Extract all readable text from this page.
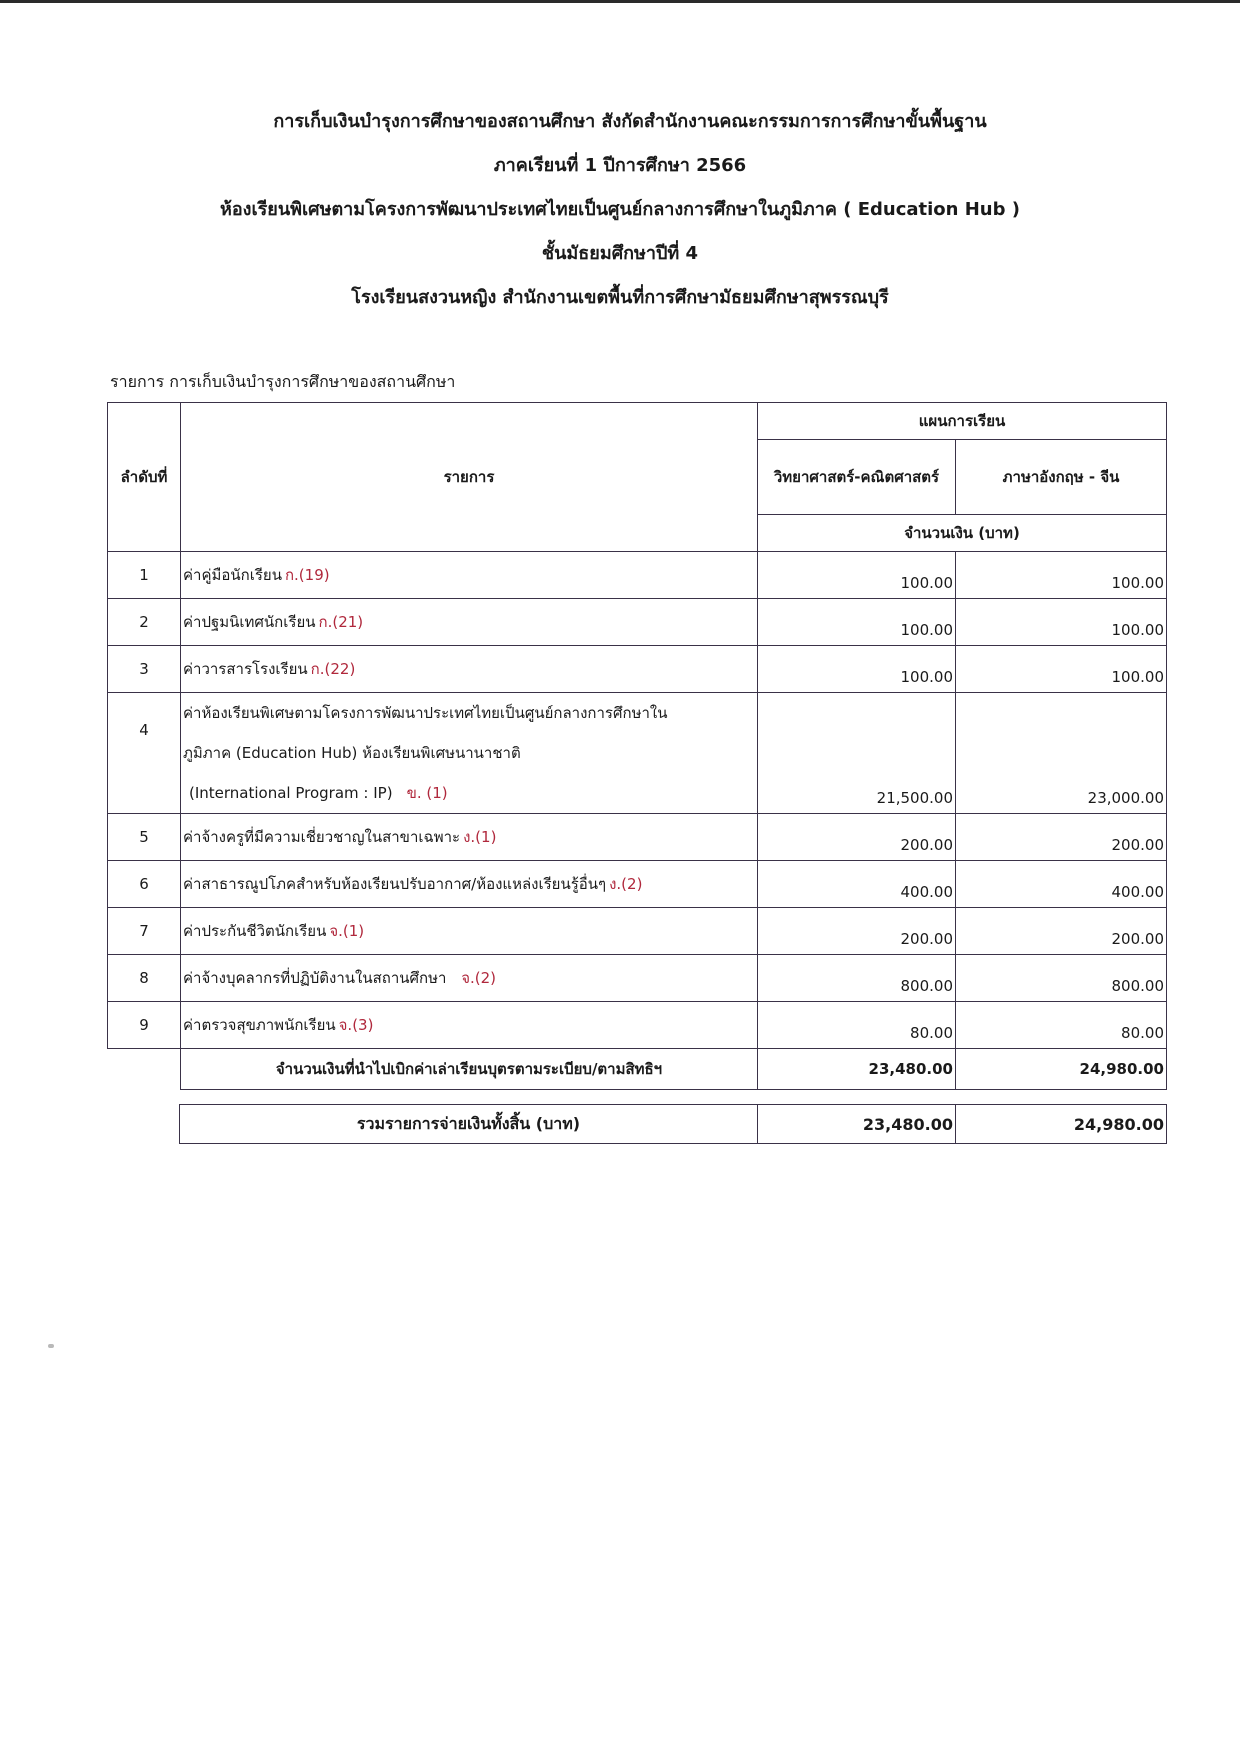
การเก็บเงินบำรุงการศึกษาของสถานศึกษา สังกัดสำนักงานคณะกรรมการการศึกษาขั้นพื้นฐาน
ภาคเรียนที่ 1 ปีการศึกษา 2566
ห้องเรียนพิเศษตามโครงการพัฒนาประเทศไทยเป็นศูนย์กลางการศึกษาในภูมิภาค ( Education Hub )
ชั้นมัธยมศึกษาปีที่ 4
โรงเรียนสงวนหญิง สำนักงานเขตพื้นที่การศึกษามัธยมศึกษาสุพรรณบุรี
รายการ การเก็บเงินบำรุงการศึกษาของสถานศึกษา
ลำดับที่	รายการ	แผนการเรียน	
		วิทยาศาสตร์-คณิตศาสตร์	ภาษาอังกฤษ - จีน
		จำนวนเงิน (บาท)	
1	ค่าคู่มือนักเรียน ก.(19)	100.00	100.00
2	ค่าปฐมนิเทศนักเรียน ก.(21)	100.00	100.00
3	ค่าวารสารโรงเรียน ก.(22)	100.00	100.00
4	ค่าห้องเรียนพิเศษตามโครงการพัฒนาประเทศไทยเป็นศูนย์กลางการศึกษาใน
ภูมิภาค (Education Hub) ห้องเรียนพิเศษนานาชาติ
(International Program : IP) ข. (1)	21,500.00	23,000.00
5	ค่าจ้างครูที่มีความเชี่ยวชาญในสาขาเฉพาะ ง.(1)	200.00	200.00
6	ค่าสาธารณูปโภคสำหรับห้องเรียนปรับอากาศ/ห้องแหล่งเรียนรู้อื่นๆ ง.(2)	400.00	400.00
7	ค่าประกันชีวิตนักเรียน จ.(1)	200.00	200.00
8	ค่าจ้างบุคลากรที่ปฏิบัติงานในสถานศึกษา จ.(2)	800.00	800.00
9	ค่าตรวจสุขภาพนักเรียน จ.(3)	80.00	80.00
	จำนวนเงินที่นำไปเบิกค่าเล่าเรียนบุตรตามระเบียบ/ตามสิทธิฯ	23,480.00	24,980.00
รวมรายการจ่ายเงินทั้งสิ้น (บาท)	23,480.00	24,980.00
